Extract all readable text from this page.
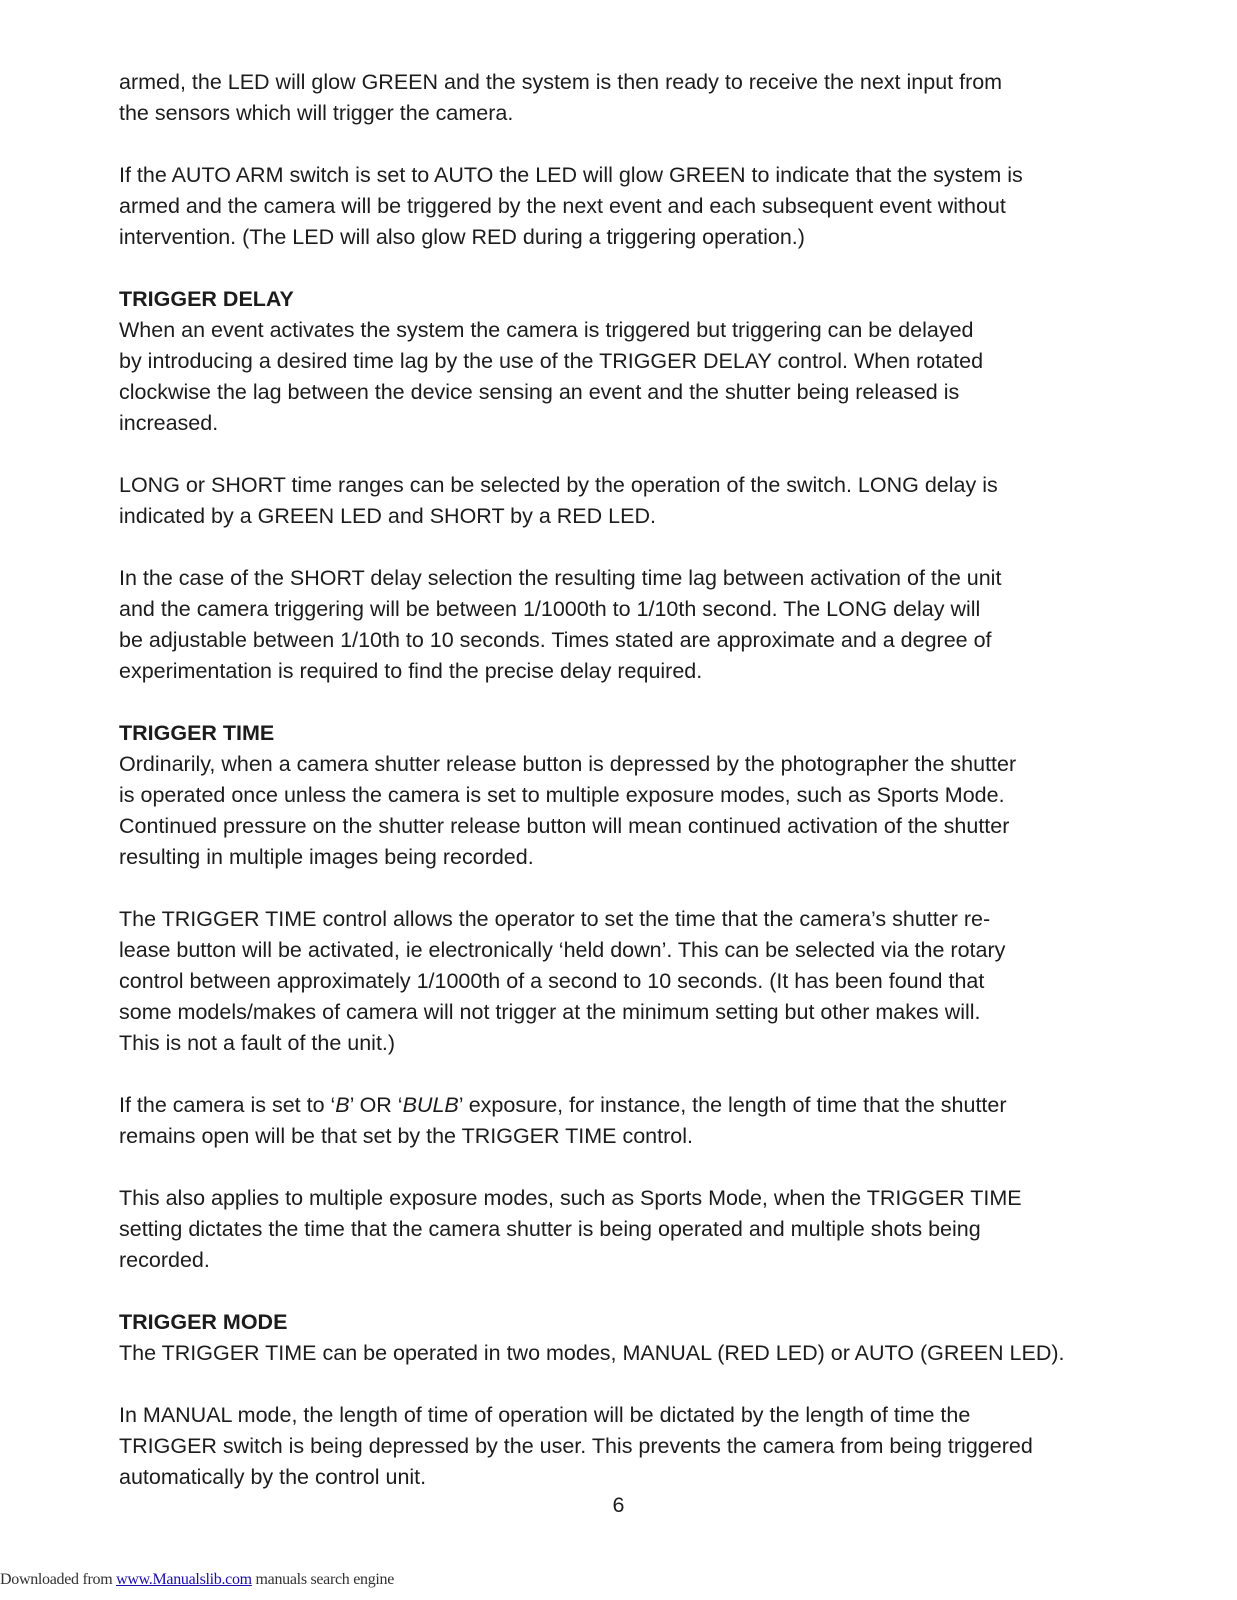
armed, the LED will glow GREEN and the system is then ready to receive the next input from
the sensors which will trigger the camera.

If the AUTO ARM switch is set to AUTO the LED will glow GREEN to indicate that the system is
armed and the camera will be triggered by the next event and each subsequent event without
intervention. (The LED will also glow RED during a triggering operation.)

TRIGGER DELAY
When an event activates the system the camera is triggered but triggering can be delayed
by introducing a desired time lag by the use of the TRIGGER DELAY control. When rotated
clockwise the lag between the device sensing an event and the shutter being released is
increased.

LONG or SHORT time ranges can be selected by the operation of the switch. LONG delay is
indicated by a GREEN LED and SHORT by a RED LED.

In the case of the SHORT delay selection the resulting time lag between activation of the unit
and the camera triggering will be between 1/1000th to 1/10th second. The LONG delay will
be adjustable between 1/10th to 10 seconds. Times stated are approximate and a degree of
experimentation is required to find the precise delay required.

TRIGGER TIME
Ordinarily, when a camera shutter release button is depressed by the photographer the shutter
is operated once unless the camera is set to multiple exposure modes, such as Sports Mode.
Continued pressure on the shutter release button will mean continued activation of the shutter
resulting in multiple images being recorded.

The TRIGGER TIME control allows the operator to set the time that the camera’s shutter re-
lease button will be activated, ie electronically ‘held down’. This can be selected via the rotary
control between approximately 1/1000th of a second to 10 seconds. (It has been found that
some models/makes of camera will not trigger at the minimum setting but other makes will.
This is not a fault of the unit.)

If the camera is set to ‘B’ OR ‘BULB’ exposure, for instance, the length of time that the shutter
remains open will be that set by the TRIGGER TIME control.

This also applies to multiple exposure modes, such as Sports Mode, when the TRIGGER TIME
setting dictates the time that the camera shutter is being operated and multiple shots being
recorded.

TRIGGER MODE
The TRIGGER TIME can be operated in two modes, MANUAL (RED LED) or AUTO (GREEN LED).

In MANUAL mode, the length of time of operation will be dictated by the length of time the
TRIGGER switch is being depressed by the user. This prevents the camera from being triggered
automatically by the control unit.

6
Downloaded from www.Manualslib.com manuals search engine
